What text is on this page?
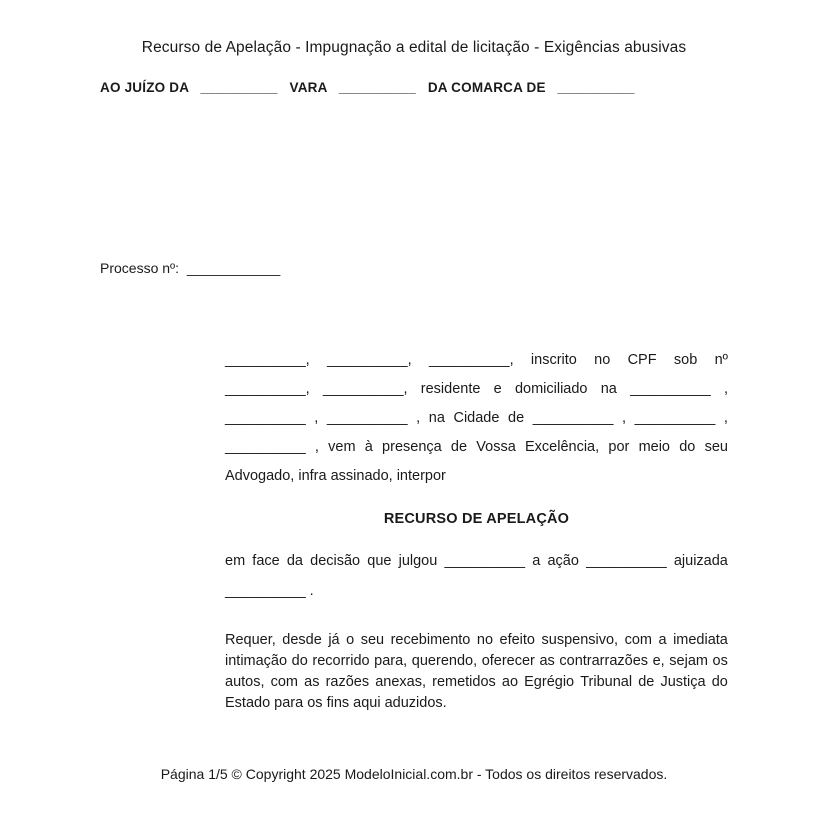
Recurso de Apelação - Impugnação a edital de licitação - Exigências abusivas
AO JUÍZO DA   __________   VARA   __________   DA COMARCA DE   __________
Processo nº:  ____________
__________, __________, __________, inscrito no CPF sob nº
__________, __________, residente e domiciliado na __________ ,
__________ , __________ , na Cidade de __________ , __________ ,
__________ , vem à presença de Vossa Excelência, por meio do seu
Advogado, infra assinado, interpor
RECURSO DE APELAÇÃO
em face da decisão que julgou __________ a ação __________ ajuizada
__________ .
Requer, desde já o seu recebimento no efeito suspensivo, com a imediata
intimação do recorrido para, querendo, oferecer as contrarrazões e, sejam os
autos, com as razões anexas, remetidos ao Egrégio Tribunal de Justiça do
Estado para os fins aqui aduzidos.
Página 1/5 © Copyright 2025 ModeloInicial.com.br - Todos os direitos reservados.
